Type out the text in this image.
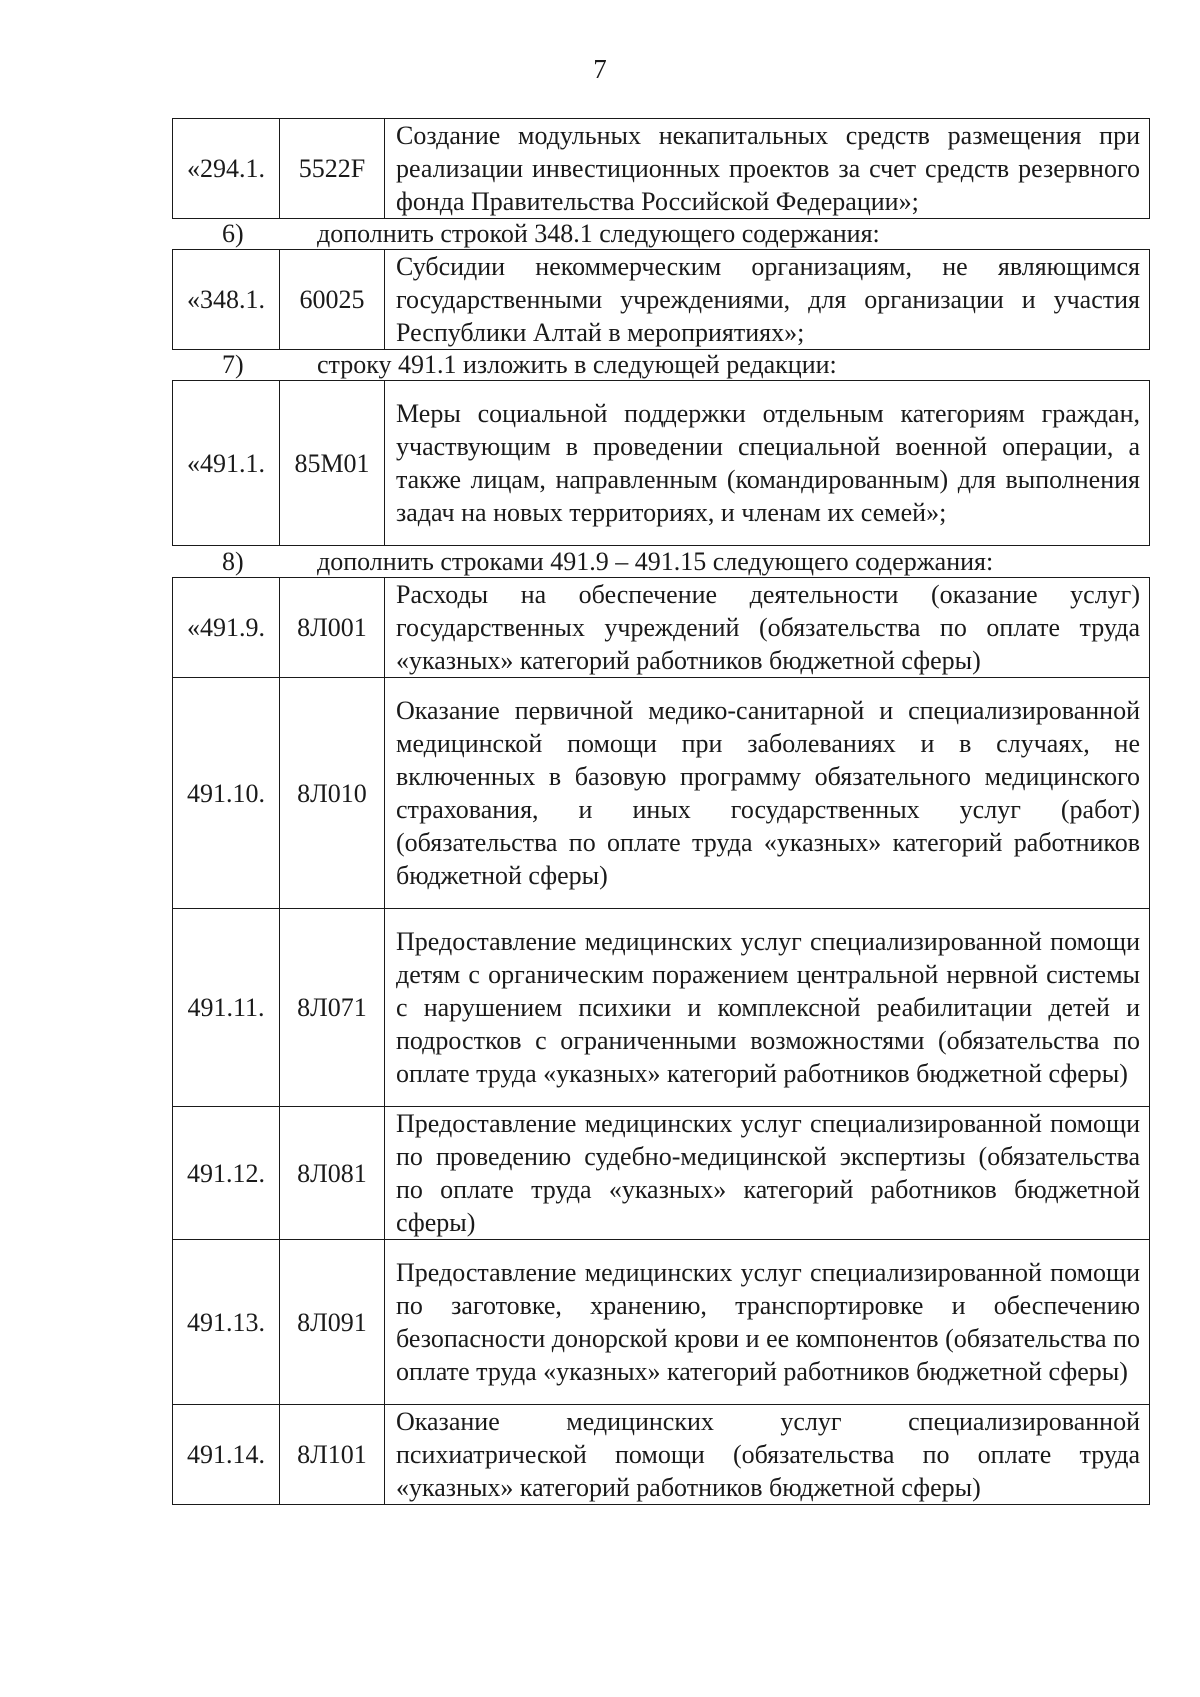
7
«294.1.	5522F	Создание модульных некапитальных средств размещения при реализации инвестиционных проектов за счет средств резервного фонда Правительства Российской Федерации»;
6)	дополнить строкой 348.1 следующего содержания:
«348.1.	60025	Субсидии некоммерческим организациям, не являющимся государственными учреждениями, для организации и участия Республики Алтай в мероприятиях»;
7)	строку 491.1 изложить в следующей редакции:
«491.1.	85М01	Меры социальной поддержки отдельным категориям граждан, участвующим в проведении специальной военной операции, а также лицам, направленным (командированным) для выполнения задач на новых территориях, и членам их семей»;
8)	дополнить строками 491.9 – 491.15 следующего содержания:
«491.9.	8Л001	Расходы на обеспечение деятельности (оказание услуг) государственных учреждений (обязательства по оплате труда «указных» категорий работников бюджетной сферы)
491.10.	8Л010	Оказание первичной медико-санитарной и специализированной медицинской помощи при заболеваниях и в случаях, не включенных в базовую программу обязательного медицинского страхования, и иных государственных услуг (работ) (обязательства по оплате труда «указных» категорий работников бюджетной сферы)
491.11.	8Л071	Предоставление медицинских услуг специализированной помощи детям с органическим поражением центральной нервной системы с нарушением психики и комплексной реабилитации детей и подростков с ограниченными возможностями (обязательства по оплате труда «указных» категорий работников бюджетной сферы)
491.12.	8Л081	Предоставление медицинских услуг специализированной помощи по проведению судебно-медицинской экспертизы (обязательства по оплате труда «указных» категорий работников бюджетной сферы)
491.13.	8Л091	Предоставление медицинских услуг специализированной помощи по заготовке, хранению, транспортировке и обеспечению безопасности донорской крови и ее компонентов (обязательства по оплате труда «указных» категорий работников бюджетной сферы)
491.14.	8Л101	Оказание медицинских услуг специализированной психиатрической помощи (обязательства по оплате труда «указных» категорий работников бюджетной сферы)
